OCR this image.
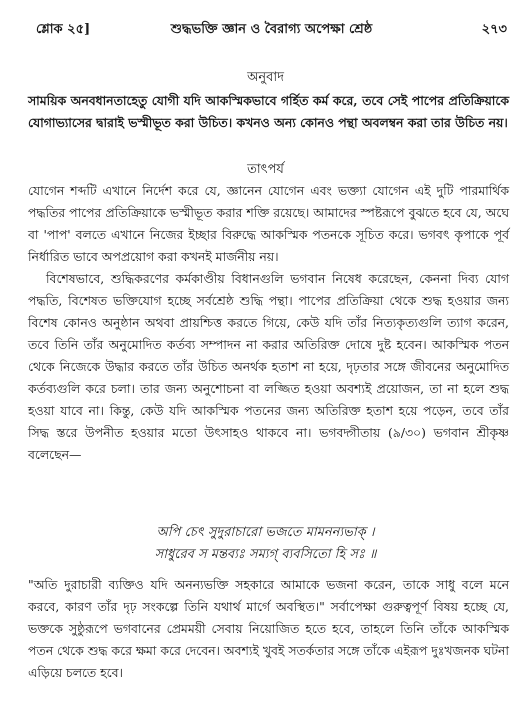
শ্লোক ২৫]	শুদ্ধভক্তি জ্ঞান ও বৈরাগ্য অপেক্ষা শ্রেষ্ঠ	২৭৩
অনুবাদ

সাময়িক অনবধানতাহেতু যোগী যদি আকস্মিকভাবে গর্হিত কর্ম করে, তবে সেই পাপের প্রতিক্রিয়াকে যোগাভ্যাসের দ্বারাই ভস্মীভূত করা উচিত। কখনও অন্য কোনও পন্থা অবলম্বন করা তার উচিত নয়।

তাৎপর্য

যোগেন শব্দটি এখানে নির্দেশ করে যে, জ্ঞানেন যোগেন এবং ভক্ত্যা যোগেন এই দুটি পারমার্থিক পদ্ধতির পাপের প্রতিক্রিয়াকে ভস্মীভূত করার শক্তি রয়েছে। আমাদের স্পষ্টরূপে বুঝতে হবে যে, অঘে বা 'পাপ' বলতে এখানে নিজের ইচ্ছার বিরুদ্ধে আকস্মিক পতনকে সূচিত করে। ভগবৎ কৃপাকে পূর্ব নির্ধারিত ভাবে অপপ্রয়োগ করা কখনই মার্জনীয় নয়।

বিশেষভাবে, শুদ্ধিকরণের কর্মকাণ্ডীয় বিধানগুলি ভগবান নিষেধ করেছেন, কেননা দিব্য যোগ পদ্ধতি, বিশেষত ভক্তিযোগ হচ্ছে সর্বশ্রেষ্ঠ শুদ্ধি পন্থা। পাপের প্রতিক্রিয়া থেকে শুদ্ধ হওয়ার জন্য বিশেষ কোনও অনুষ্ঠান অথবা প্রায়শ্চিত্ত করতে গিয়ে, কেউ যদি তাঁর নিত্যকৃত্যগুলি ত্যাগ করেন, তবে তিনি তাঁর অনুমোদিত কর্তব্য সম্পাদন না করার অতিরিক্ত দোষে দুষ্ট হবেন। আকস্মিক পতন থেকে নিজেকে উদ্ধার করতে তাঁর উচিত অনর্থক হতাশ না হয়ে, দৃঢ়তার সঙ্গে জীবনের অনুমোদিত কর্তব্যগুলি করে চলা। তার জন্য অনুশোচনা বা লজ্জিত হওয়া অবশ্যই প্রয়োজন, তা না হলে শুদ্ধ হওয়া যাবে না। কিন্তু, কেউ যদি আকস্মিক পতনের জন্য অতিরিক্ত হতাশ হয়ে পড়েন, তবে তাঁর সিদ্ধ স্তরে উপনীত হওয়ার মতো উৎসাহও থাকবে না। ভগবদ্গীতায় (৯/৩০) ভগবান শ্রীকৃষ্ণ বলেছেন—

অপি চেৎ সুদুরাচারো ভজতে মামনন্যভাক্ ।
সাধুরেব স মন্তব্যঃ সম্যগ্ ব্যবসিতো হি সঃ ॥

"অতি দুরাচারী ব্যক্তিও যদি অনন্যভক্তি সহকারে আমাকে ভজনা করেন, তাকে সাধু বলে মনে করবে, কারণ তাঁর দৃঢ় সংকল্পে তিনি যথার্থ মার্গে অবস্থিত।" সর্বাপেক্ষা গুরুত্বপূর্ণ বিষয় হচ্ছে যে, ভক্তকে সুষ্ঠুরূপে ভগবানের প্রেমময়ী সেবায় নিয়োজিত হতে হবে, তাহলে তিনি তাঁকে আকস্মিক পতন থেকে শুদ্ধ করে ক্ষমা করে দেবেন। অবশ্যই খুবই সতর্কতার সঙ্গে তাঁকে এইরূপ দুঃখজনক ঘটনা এড়িয়ে চলতে হবে।
